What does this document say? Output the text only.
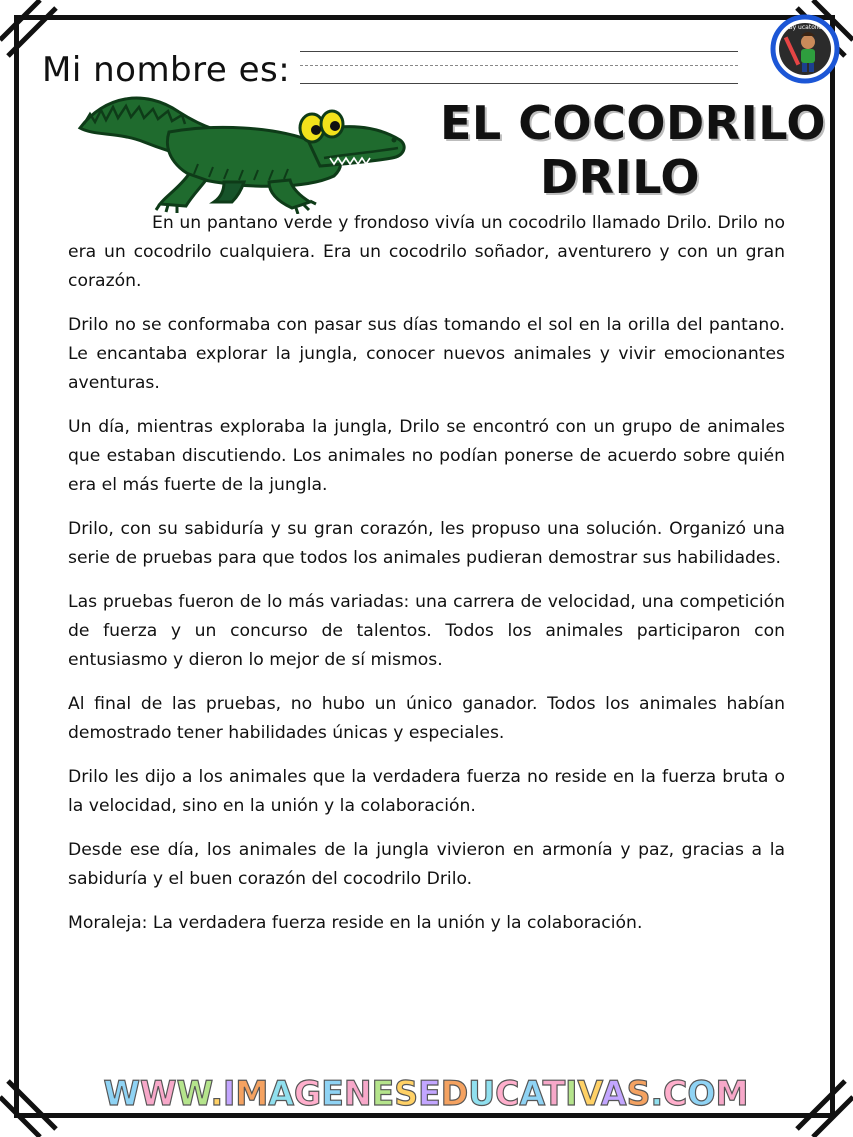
By ucatolic
Mi nombre es:
EL COCODRILO
DRILO

En un pantano verde y frondoso vivía un cocodrilo llamado Drilo. Drilo no era un cocodrilo cualquiera. Era un cocodrilo soñador, aventurero y con un gran corazón.

Drilo no se conformaba con pasar sus días tomando el sol en la orilla del pantano. Le encantaba explorar la jungla, conocer nuevos animales y vivir emocionantes aventuras.

Un día, mientras exploraba la jungla, Drilo se encontró con un grupo de animales que estaban discutiendo. Los animales no podían ponerse de acuerdo sobre quién era el más fuerte de la jungla.

Drilo, con su sabiduría y su gran corazón, les propuso una solución. Organizó una serie de pruebas para que todos los animales pudieran demostrar sus habilidades.

Las pruebas fueron de lo más variadas: una carrera de velocidad, una competición de fuerza y un concurso de talentos. Todos los animales participaron con entusiasmo y dieron lo mejor de sí mismos.

Al final de las pruebas, no hubo un único ganador. Todos los animales habían demostrado tener habilidades únicas y especiales.

Drilo les dijo a los animales que la verdadera fuerza no reside en la fuerza bruta o la velocidad, sino en la unión y la colaboración.

Desde ese día, los animales de la jungla vivieron en armonía y paz, gracias a la sabiduría y el buen corazón del cocodrilo Drilo.

Moraleja: La verdadera fuerza reside en la unión y la colaboración.

WWW.IMAGENESEDUCATIVAS.COM
